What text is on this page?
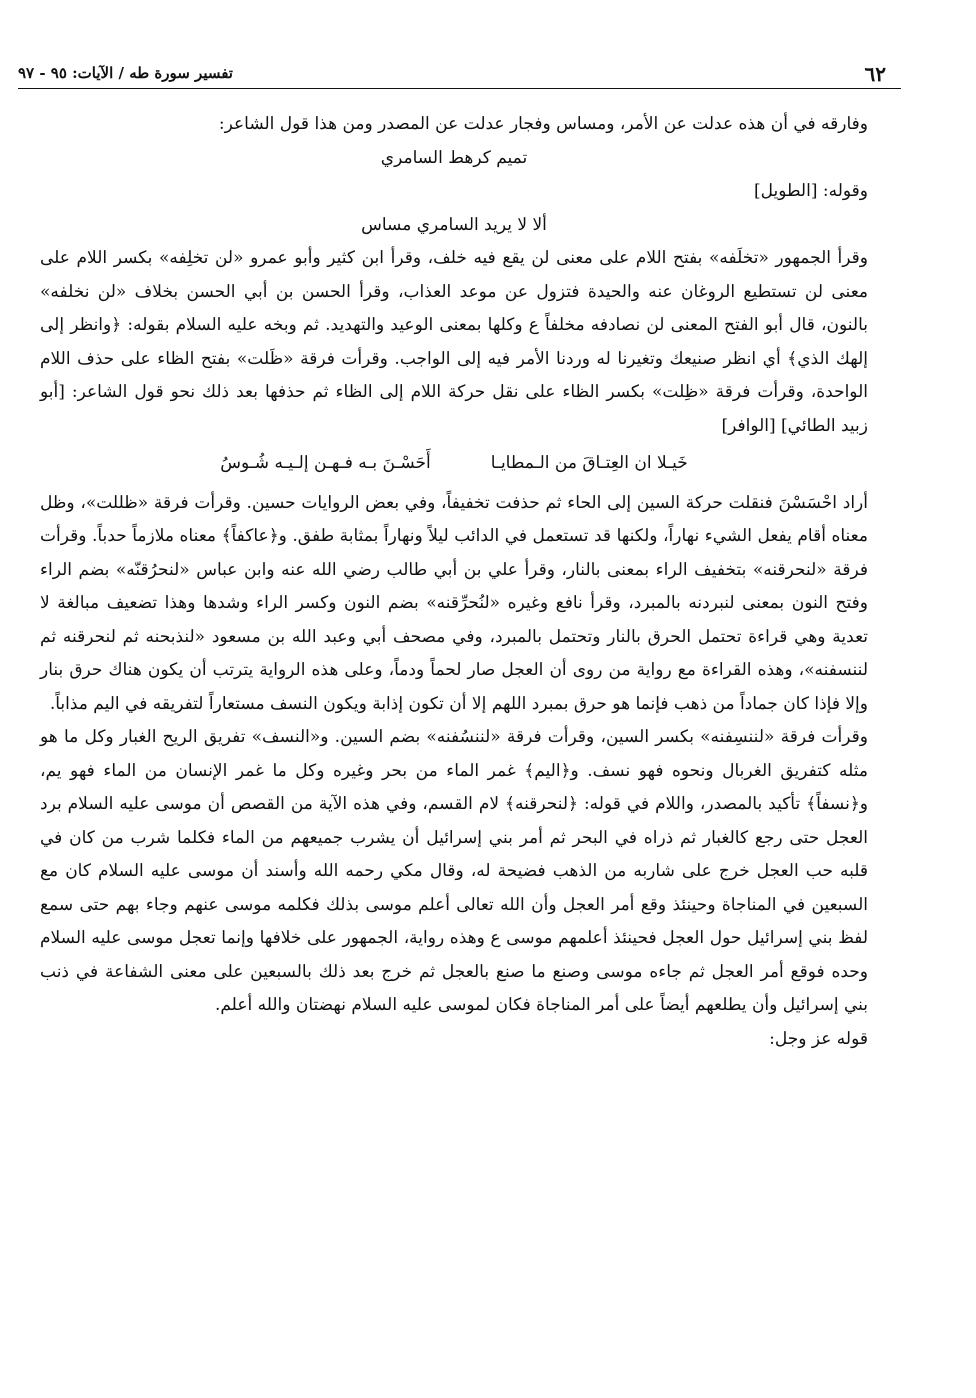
٦٢
تفسير سورة طه / الآيات: ٩٥ - ٩٧

وفارقه في أن هذه عدلت عن الأمر، ومساس وفجار عدلت عن المصدر ومن هذا قول الشاعر:

تميم كرهط السامري

وقوله: [الطويل]

ألا لا يريد السامري مساس

وقرأ الجمهور «تخلَفه» بفتح اللام على معنى لن يقع فيه خلف، وقرأ ابن كثير وأبو عمرو «لن تخلِفه» بكسر اللام على معنى لن تستطيع الروغان عنه والحيدة فتزول عن موعد العذاب، وقرأ الحسن بن أبي الحسن بخلاف «لن نخلفه» بالنون، قال أبو الفتح المعنى لن نصادفه مخلفاً ع وكلها بمعنى الوعيد والتهديد. ثم وبخه عليه السلام بقوله: ﴿وانظر إلى إلهك الذي﴾ أي انظر صنيعك وتغيرنا له وردنا الأمر فيه إلى الواجب. وقرأت فرقة «ظَلت» بفتح الظاء على حذف اللام الواحدة، وقرأت فرقة «ظِلت» بكسر الظاء على نقل حركة اللام إلى الظاء ثم حذفها بعد ذلك نحو قول الشاعر: [أبو زبيد الطائي] [الوافر]

خَيـلا ان العِتـاقَ من الـمطايـا
أَحَسْـنَ بـه فـهـن إلـيـه شُـوسُ

أراد احْسَسْنَ فنقلت حركة السين إلى الحاء ثم حذفت تخفيفاً، وفي بعض الروايات حسين. وقرأت فرقة «ظللت»، وظل معناه أقام يفعل الشيء نهاراً، ولكنها قد تستعمل في الدائب ليلاً ونهاراً بمثابة طفق. و﴿عاكفاً﴾ معناه ملازماً حدباً. وقرأت فرقة «لنحرقنه» بتخفيف الراء بمعنى بالنار، وقرأ علي بن أبي طالب رضي الله عنه وابن عباس «لنحرُقنّه» بضم الراء وفتح النون بمعنى لنبردنه بالمبرد، وقرأ نافع وغيره «لنُحرِّقنه» بضم النون وكسر الراء وشدها وهذا تضعيف مبالغة لا تعدية وهي قراءة تحتمل الحرق بالنار وتحتمل بالمبرد، وفي مصحف أبي وعبد الله بن مسعود «لنذبحنه ثم لنحرقنه ثم لننسفنه»، وهذه القراءة مع رواية من روى أن العجل صار لحماً ودماً، وعلى هذه الرواية يترتب أن يكون هناك حرق بنار وإلا فإذا كان جماداً من ذهب فإنما هو حرق بمبرد اللهم إلا أن تكون إذابة ويكون النسف مستعاراً لتفريقه في اليم مذاباً.

وقرأت فرقة «لننسِفنه» بكسر السين، وقرأت فرقة «لننسُفنه» بضم السين. و«النسف» تفريق الريح الغبار وكل ما هو مثله كتفريق الغربال ونحوه فهو نسف. و﴿اليم﴾ غمر الماء من بحر وغيره وكل ما غمر الإنسان من الماء فهو يم، و﴿نسفاً﴾ تأكيد بالمصدر، واللام في قوله: ﴿لنحرقنه﴾ لام القسم، وفي هذه الآية من القصص أن موسى عليه السلام برد العجل حتى رجع كالغبار ثم ذراه في البحر ثم أمر بني إسرائيل أن يشرب جميعهم من الماء فكلما شرب من كان في قلبه حب العجل خرج على شاربه من الذهب فضيحة له، وقال مكي رحمه الله وأسند أن موسى عليه السلام كان مع السبعين في المناجاة وحينئذ وقع أمر العجل وأن الله تعالى أعلم موسى بذلك فكلمه موسى عنهم وجاء بهم حتى سمع لفظ بني إسرائيل حول العجل فحينئذ أعلمهم موسى ع وهذه رواية، الجمهور على خلافها وإنما تعجل موسى عليه السلام وحده فوقع أمر العجل ثم جاءه موسى وصنع ما صنع بالعجل ثم خرج بعد ذلك بالسبعين على معنى الشفاعة في ذنب بني إسرائيل وأن يطلعهم أيضاً على أمر المناجاة فكان لموسى عليه السلام نهضتان والله أعلم.

قوله عز وجل:
